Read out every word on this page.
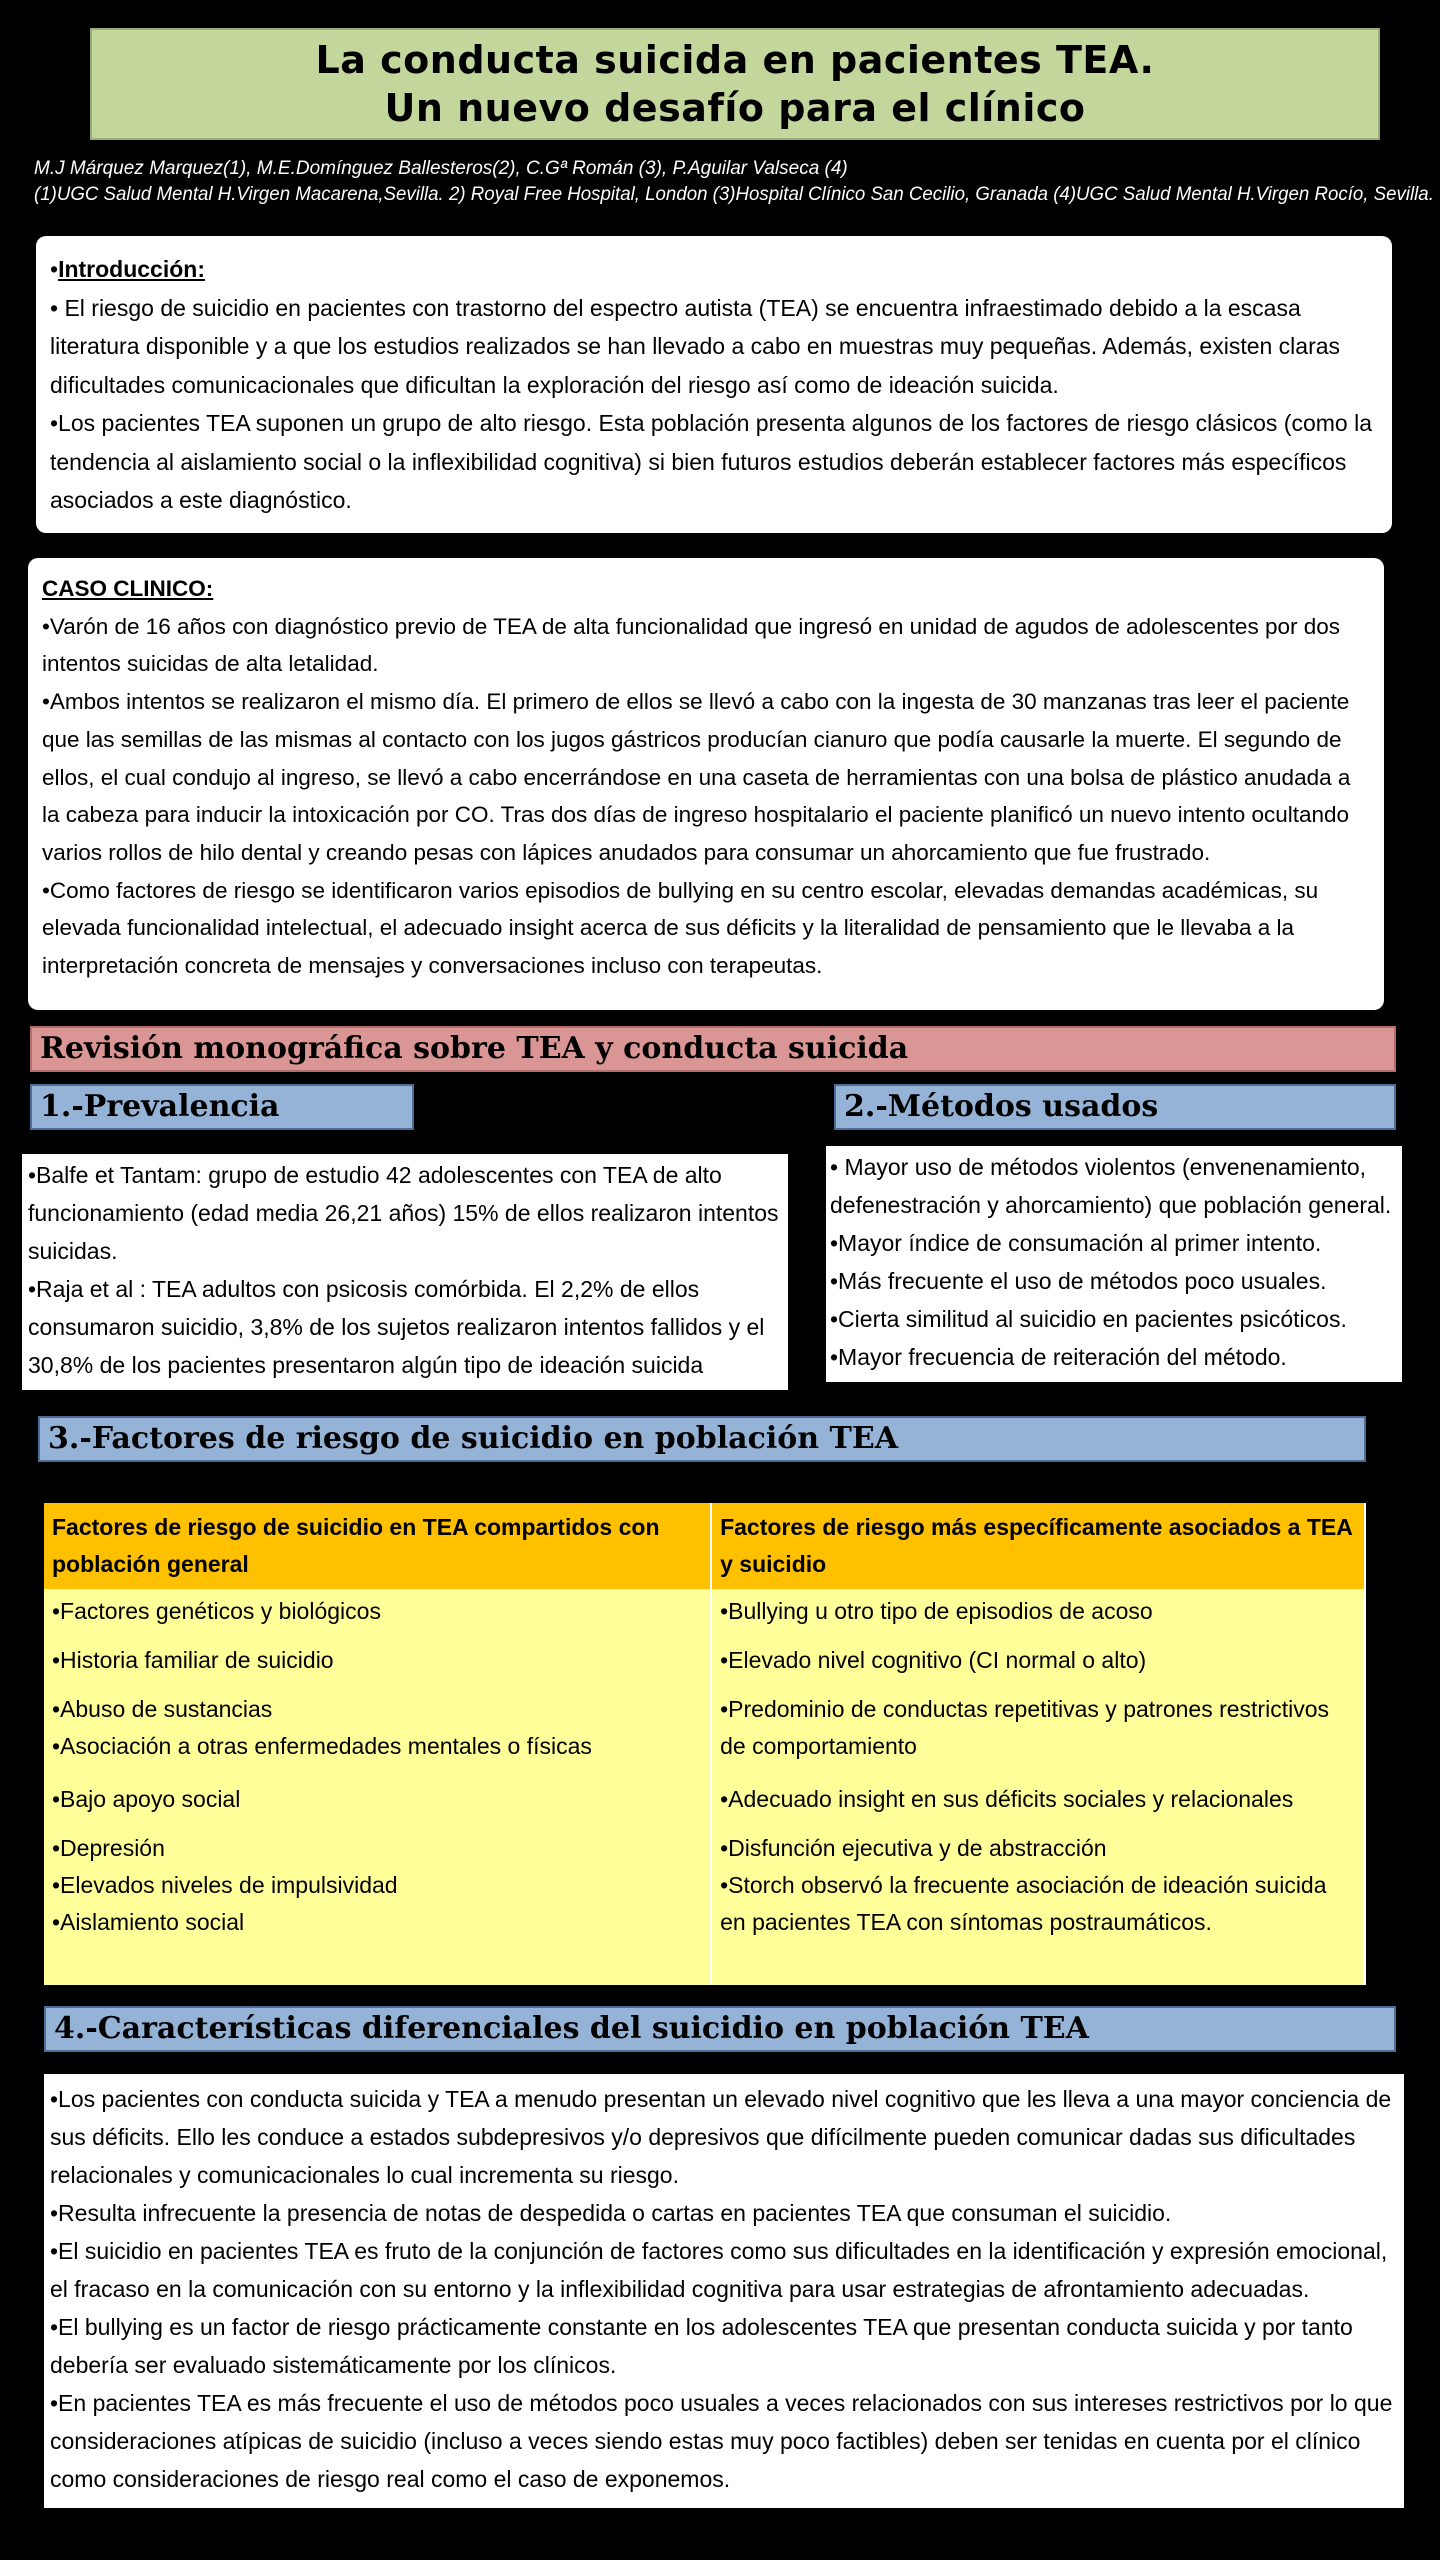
La conducta suicida en pacientes TEA.
Un nuevo desafío para el clínico
M.J Márquez Marquez(1), M.E.Domínguez Ballesteros(2), C.Gª Román (3), P.Aguilar Valseca (4)
(1)UGC Salud Mental H.Virgen Macarena,Sevilla. 2) Royal Free Hospital, London (3)Hospital Clínico San Cecilio, Granada (4)UGC Salud Mental H.Virgen Rocío, Sevilla.

•Introducción:

• El riesgo de suicidio en pacientes con trastorno del espectro autista (TEA) se encuentra infraestimado debido a la escasa literatura disponible y a que los estudios realizados se han llevado a cabo en muestras muy pequeñas. Además, existen claras dificultades comunicacionales que dificultan la exploración del riesgo así como de ideación suicida.

•Los pacientes TEA suponen un grupo de alto riesgo. Esta población presenta algunos de los factores de riesgo clásicos (como la tendencia al aislamiento social o la inflexibilidad cognitiva) si bien futuros estudios deberán establecer factores más específicos asociados a este diagnóstico.

CASO CLINICO:

•Varón de 16 años con diagnóstico previo de TEA de alta funcionalidad que ingresó en unidad de agudos de adolescentes por dos intentos suicidas de alta letalidad.

•Ambos intentos se realizaron el mismo día. El primero de ellos se llevó a cabo con la ingesta de 30 manzanas tras leer el paciente que las semillas de las mismas al contacto con los jugos gástricos producían cianuro que podía causarle la muerte. El segundo de ellos, el cual condujo al ingreso, se llevó a cabo encerrándose en una caseta de herramientas con una bolsa de plástico anudada a la cabeza para inducir la intoxicación por CO. Tras dos días de ingreso hospitalario el paciente planificó un nuevo intento ocultando varios rollos de hilo dental y creando pesas con lápices anudados para consumar un ahorcamiento que fue frustrado.

•Como factores de riesgo se identificaron varios episodios de bullying en su centro escolar, elevadas demandas académicas, su elevada funcionalidad intelectual, el adecuado insight acerca de sus déficits y la literalidad de pensamiento que le llevaba a la interpretación concreta de mensajes y conversaciones incluso con terapeutas.

Revisión monográfica sobre TEA y conducta suicida
1.-Prevalencia
•Balfe et Tantam: grupo de estudio 42 adolescentes con TEA de alto funcionamiento (edad media 26,21 años) 15% de ellos realizaron intentos suicidas.
•Raja et al : TEA adultos con psicosis comórbida. El 2,2% de ellos consumaron suicidio, 3,8% de los sujetos realizaron intentos fallidos y el 30,8% de los pacientes presentaron algún tipo de ideación suicida
2.-Métodos usados
• Mayor uso de métodos violentos (envenenamiento, defenestración y ahorcamiento) que población general.
•Mayor índice de consumación al primer intento.
•Más frecuente el uso de métodos poco usuales.
•Cierta similitud al suicidio en pacientes psicóticos.
•Mayor frecuencia de reiteración del método.
3.-Factores de riesgo de suicidio en población TEA
Factores de riesgo de suicidio en TEA compartidos con población general	Factores de riesgo más específicamente asociados a TEA y suicidio
•Factores genéticos y biológicos	•Bullying u otro tipo de episodios de acoso
•Historia familiar de suicidio	•Elevado nivel cognitivo (CI normal o alto)
•Abuso de sustancias
•Asociación a otras enfermedades mentales o físicas	•Predominio de conductas repetitivas y patrones restrictivos de comportamiento
•Bajo apoyo social	•Adecuado insight en sus déficits sociales y relacionales
•Depresión
•Elevados niveles de impulsividad
•Aislamiento social	•Disfunción ejecutiva y de abstracción
•Storch observó la frecuente asociación de ideación suicida en pacientes TEA con síntomas postraumáticos.
4.-Características diferenciales del suicidio en población TEA
•Los pacientes con conducta suicida y TEA a menudo presentan un elevado nivel cognitivo que les lleva a una mayor conciencia de sus déficits. Ello les conduce a estados subdepresivos y/o depresivos que difícilmente pueden comunicar dadas sus dificultades relacionales y comunicacionales lo cual incrementa su riesgo.
•Resulta infrecuente la presencia de notas de despedida o cartas en pacientes TEA que consuman el suicidio.
•El suicidio en pacientes TEA es fruto de la conjunción de factores como sus dificultades en la identificación y expresión emocional, el fracaso en la comunicación con su entorno y la inflexibilidad cognitiva para usar estrategias de afrontamiento adecuadas.
•El bullying es un factor de riesgo prácticamente constante en los adolescentes TEA que presentan conducta suicida y por tanto debería ser evaluado sistemáticamente por los clínicos.
•En pacientes TEA es más frecuente el uso de métodos poco usuales a veces relacionados con sus intereses restrictivos por lo que consideraciones atípicas de suicidio (incluso a veces siendo estas muy poco factibles) deben ser tenidas en cuenta por el clínico como consideraciones de riesgo real como el caso de exponemos.
